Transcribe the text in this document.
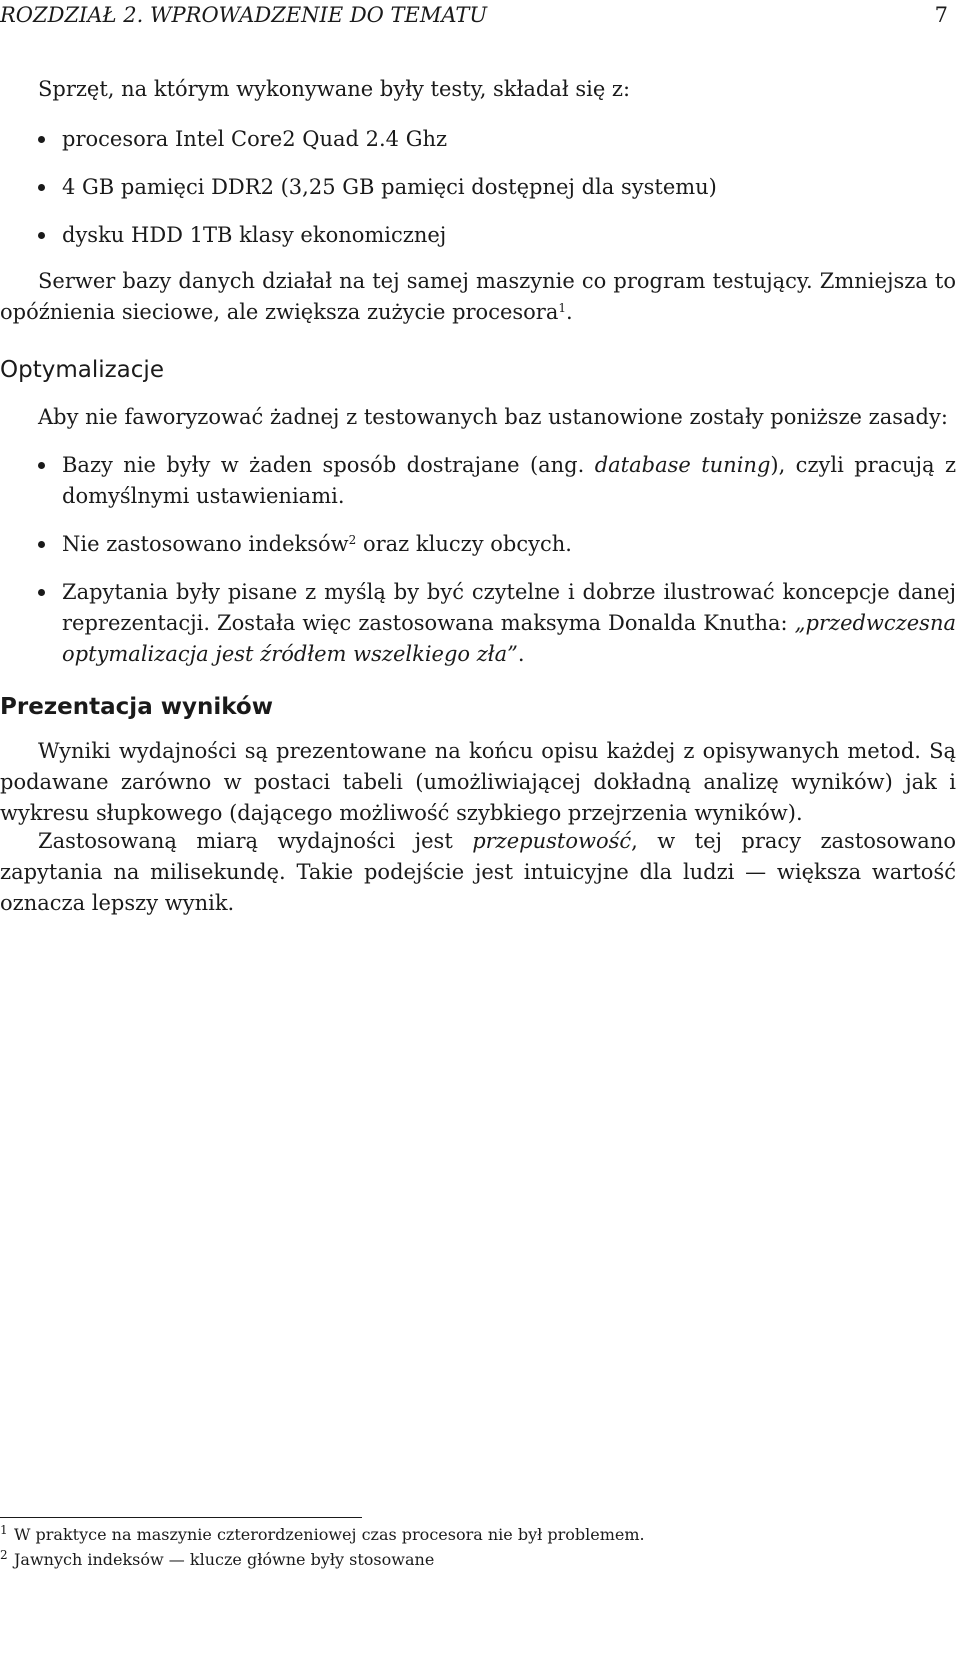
ROZDZIAŁ 2. WPROWADZENIE DO TEMATU	7

Sprzęt, na którym wykonywane były testy, składał się z:

procesora Intel Core2 Quad 2.4 Ghz
4 GB pamięci DDR2 (3,25 GB pamięci dostępnej dla systemu)
dysku HDD 1TB klasy ekonomicznej

Serwer bazy danych działał na tej samej maszynie co program testujący. Zmniejsza to opóźnienia sieciowe, ale zwiększa zużycie procesora$^1$.

Optymalizacje

Aby nie faworyzować żadnej z testowanych baz ustanowione zostały poniższe zasady:

Bazy nie były w żaden sposób dostrajane (ang. database tuning), czyli pracują z domyślnymi ustawieniami.
Nie zastosowano indeksów$^2$ oraz kluczy obcych.
Zapytania były pisane z myślą by być czytelne i dobrze ilustrować koncepcje danej reprezentacji. Została więc zastosowana maksyma Donalda Knutha: „przedwczesna optymalizacja jest źródłem wszelkiego zła”.
Prezentacja wyników

Wyniki wydajności są prezentowane na końcu opisu każdej z opisywanych metod. Są podawane zarówno w postaci tabeli (umożliwiającej dokładną analizę wyników) jak i wykresu słupkowego (dającego możliwość szybkiego przejrzenia wyników).

Zastosowaną miarą wydajności jest przepustowość, w tej pracy zastosowano zapytania na milisekundę. Takie podejście jest intuicyjne dla ludzi — większa wartość oznacza lepszy wynik.

1 W praktyce na maszynie czterordzeniowej czas procesora nie był problemem.
2 Jawnych indeksów — klucze główne były stosowane
